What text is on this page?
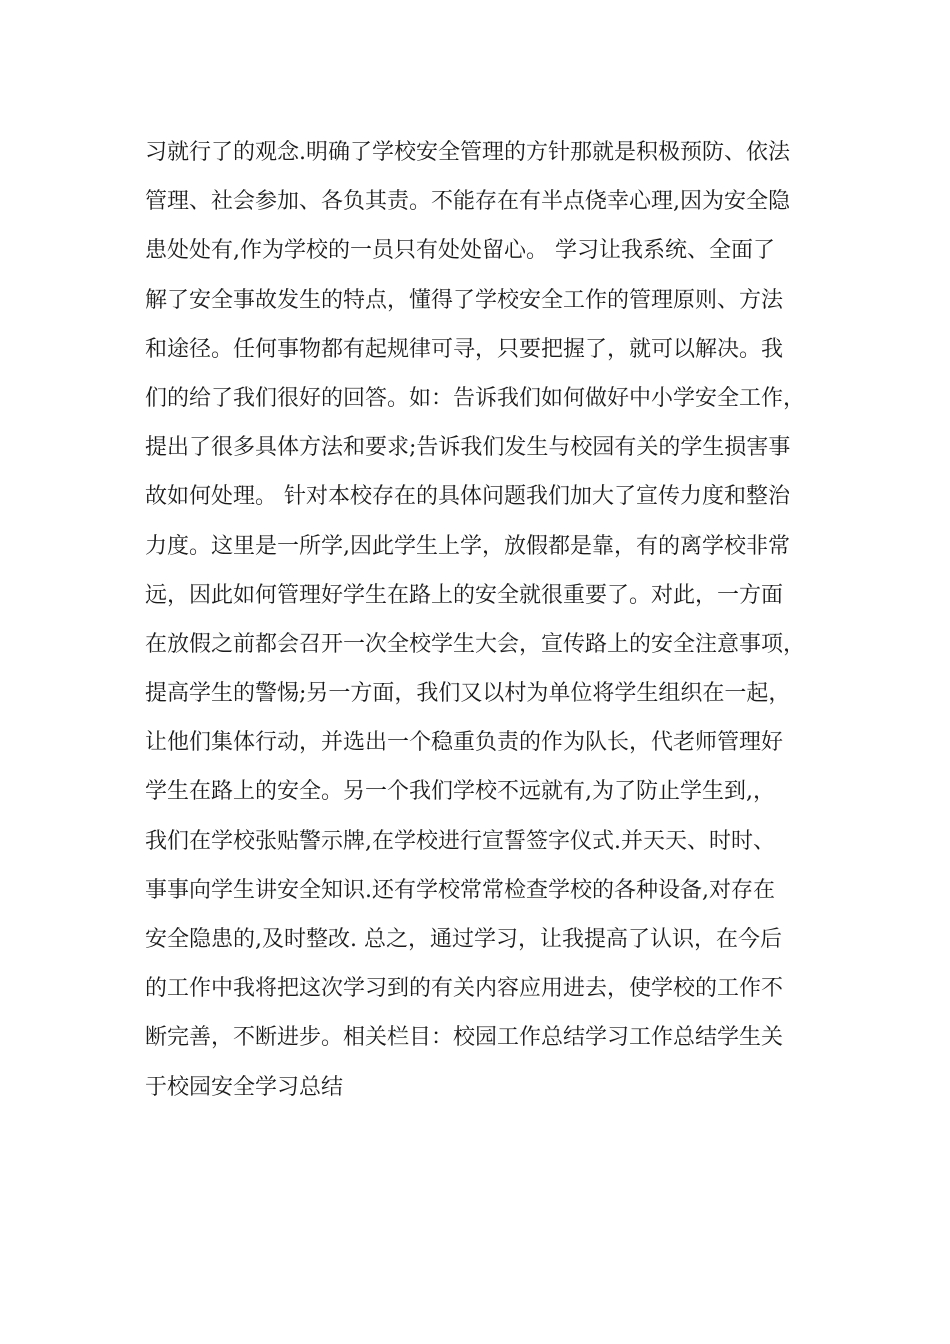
习就行了的观念.明确了学校安全管理的方针那就是积极预防、依法
管理、社会参加、各负其责。不能存在有半点侥幸心理,因为安全隐
患处处有,作为学校的一员只有处处留心。 学习让我系统、全面了
解了安全事故发生的特点，懂得了学校安全工作的管理原则、方法
和途径。任何事物都有起规律可寻，只要把握了，就可以解决。我
们的给了我们很好的回答。如：告诉我们如何做好中小学安全工作，
提出了很多具体方法和要求;告诉我们发生与校园有关的学生损害事
故如何处理。 针对本校存在的具体问题我们加大了宣传力度和整治
力度。这里是一所学,因此学生上学，放假都是靠，有的离学校非常
远，因此如何管理好学生在路上的安全就很重要了。对此，一方面
在放假之前都会召开一次全校学生大会，宣传路上的安全注意事项，
提高学生的警惕;另一方面，我们又以村为单位将学生组织在一起，
让他们集体行动，并选出一个稳重负责的作为队长，代老师管理好
学生在路上的安全。另一个我们学校不远就有,为了防止学生到,，
我们在学校张贴警示牌,在学校进行宣誓签字仪式.并天天、时时、
事事向学生讲安全知识.还有学校常常检查学校的各种设备,对存在
安全隐患的,及时整改. 总之，通过学习，让我提高了认识，在今后
的工作中我将把这次学习到的有关内容应用进去，使学校的工作不
断完善，不断进步。相关栏目：校园工作总结学习工作总结学生关
于校园安全学习总结
